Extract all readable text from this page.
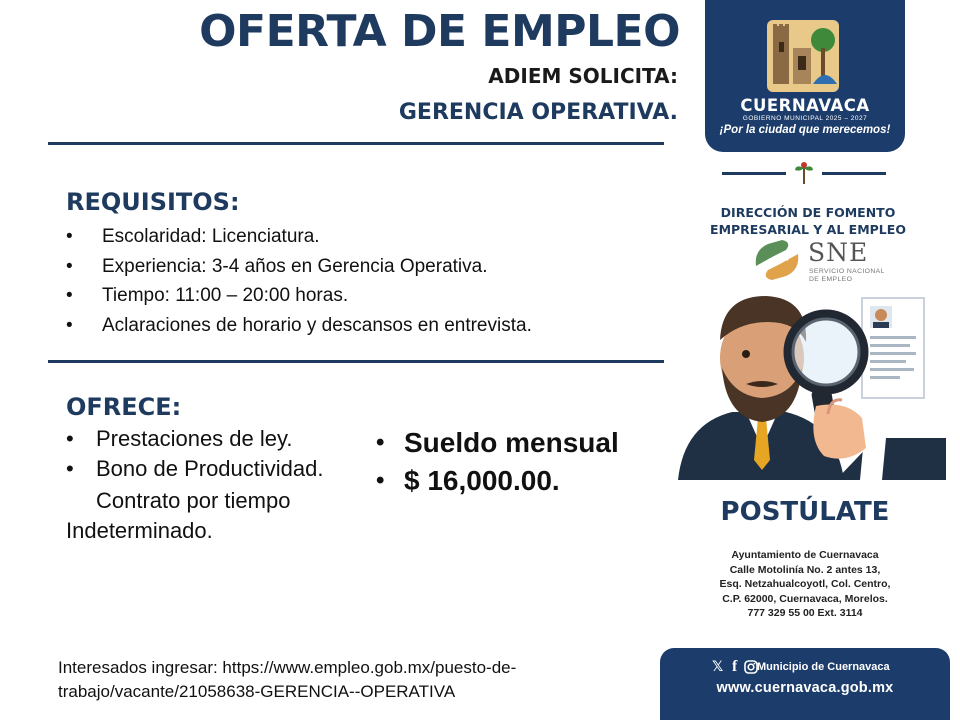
OFERTA DE EMPLEO
ADIEM SOLICITA:
GERENCIA OPERATIVA.
REQUISITOS:
• Escolaridad: Licenciatura.
• Experiencia: 3-4 años en Gerencia Operativa.
• Tiempo: 11:00 – 20:00 horas.
• Aclaraciones de horario y descansos en entrevista.
OFRECE:
• Prestaciones de ley.
• Bono de Productividad.
Contrato por tiempo
Indeterminado.
• Sueldo mensual
• $ 16,000.00.
Interesados ingresar: https://www.empleo.gob.mx/puesto-de-
trabajo/vacante/21058638-GERENCIA--OPERATIVA
CUERNAVACA
GOBIERNO MUNICIPAL 2025 – 2027
¡Por la ciudad que merecemos!
DIRECCIÓN DE FOMENTO EMPRESARIAL Y AL EMPLEO
SNE
SERVICIO NACIONAL
DE EMPLEO
POSTÚLATE
Ayuntamiento de Cuernavaca
Calle Motolinía No. 2 antes 13,
Esq. Netzahualcoyotl, Col. Centro,
C.P. 62000, Cuernavaca, Morelos.
777 329 55 00 Ext. 3114
𝕏 f Municipio de Cuernavaca
www.cuernavaca.gob.mx
